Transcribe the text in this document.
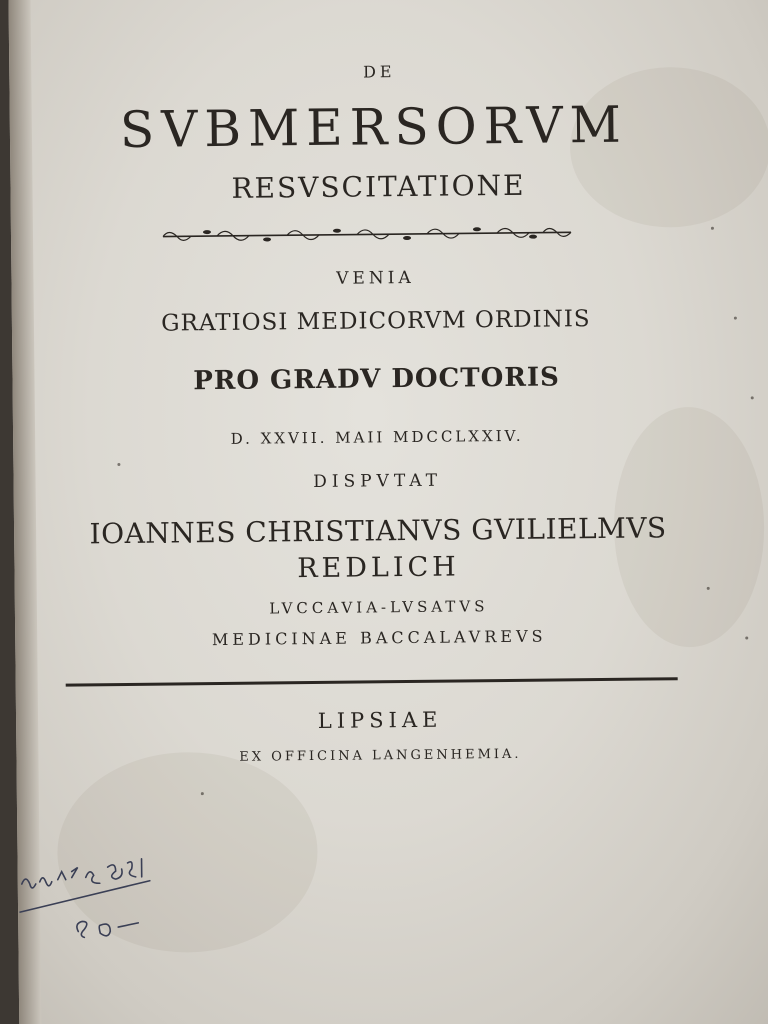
DE
SVBMERSORVM
RESVSCITATIONE
VENIA
GRATIOSI MEDICORVM ORDINIS
PRO GRADV DOCTORIS
D. XXVII. MAII MDCCLXXIV.
DISPVTAT
IOANNES CHRISTIANVS GVILIELMVS
REDLICH
LVCCAVIA-LVSATVS
MEDICINAE BACCALAVREVS
LIPSIAE
EX OFFICINA LANGENHEMIA.
